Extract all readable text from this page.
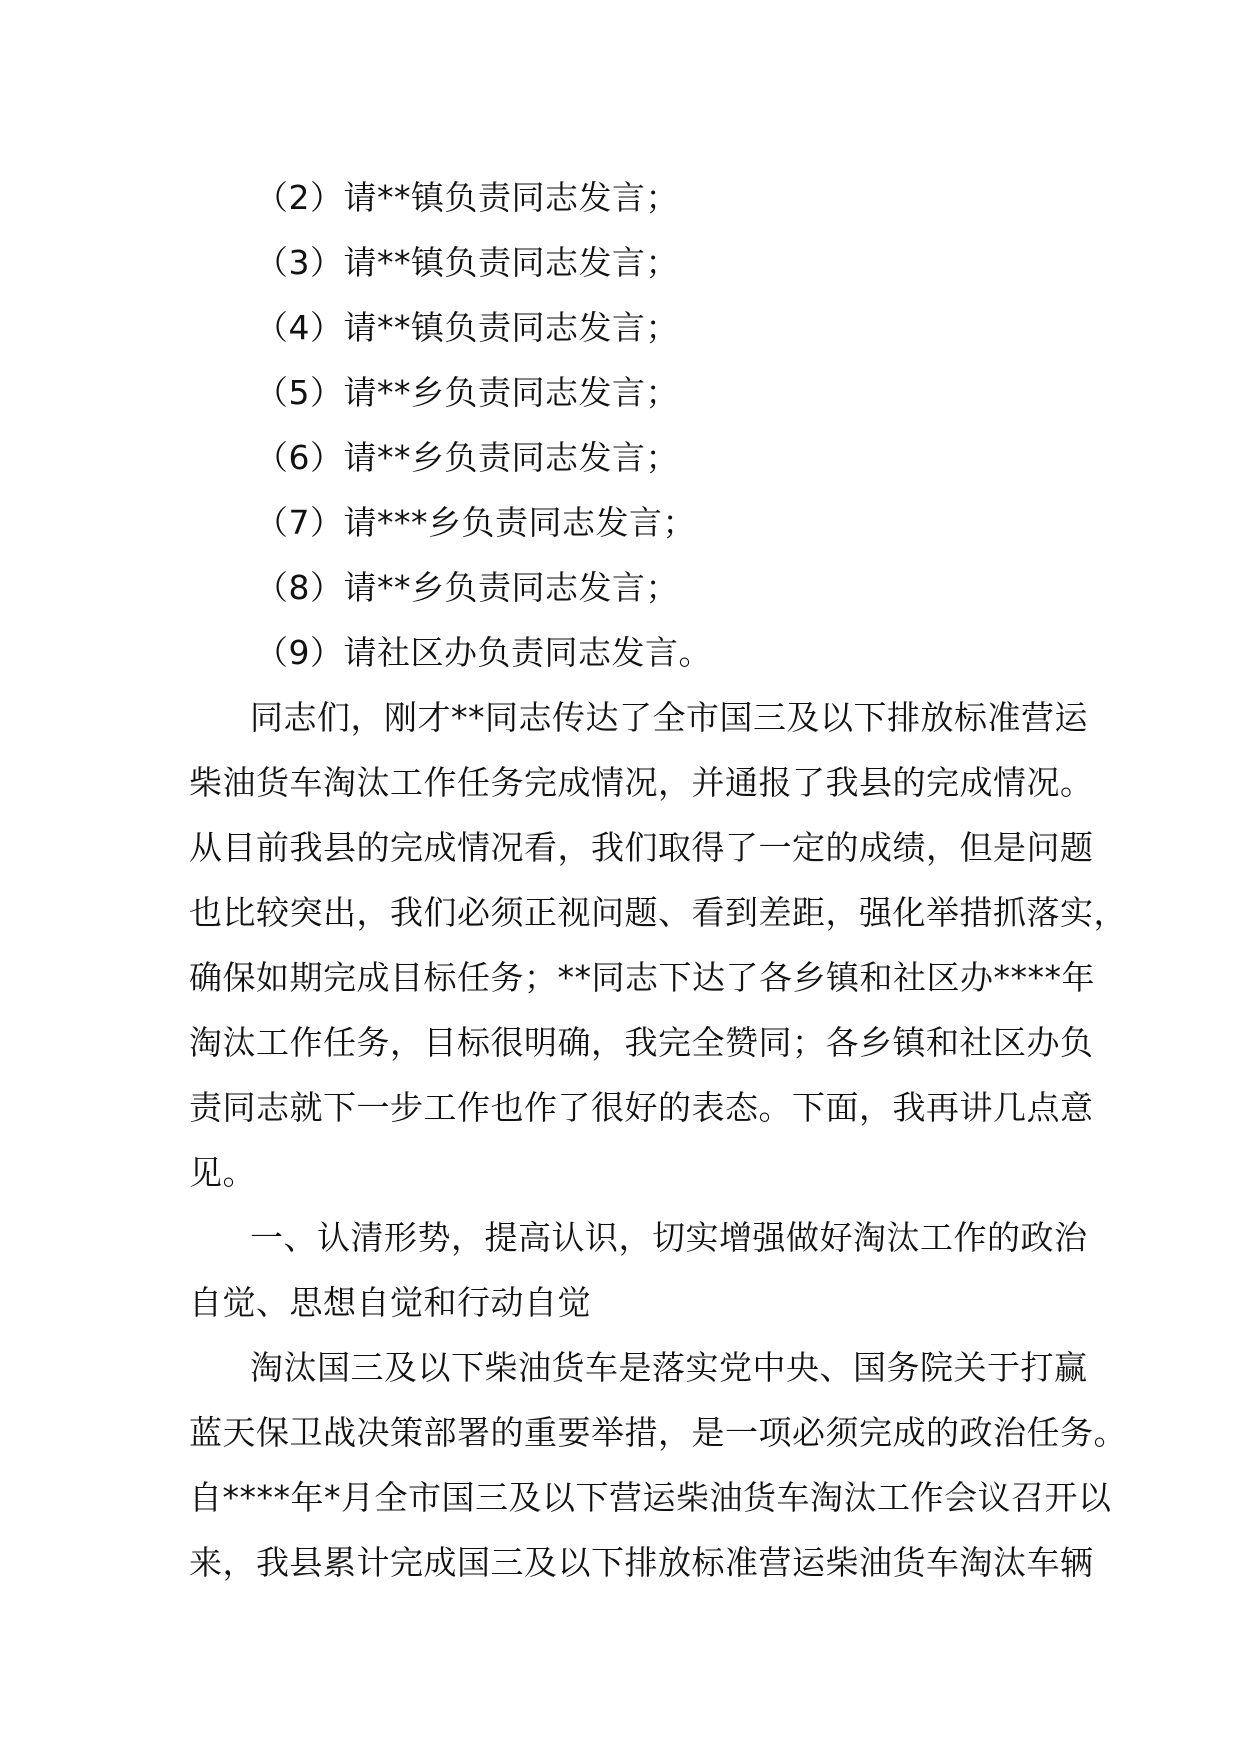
（2）请**镇负责同志发言；
（3）请**镇负责同志发言；
（4）请**镇负责同志发言；
（5）请**乡负责同志发言；
（6）请**乡负责同志发言；
（7）请***乡负责同志发言；
（8）请**乡负责同志发言；
（9）请社区办负责同志发言。
同志们，刚才**同志传达了全市国三及以下排放标准营运
柴油货车淘汰工作任务完成情况，并通报了我县的完成情况。
从目前我县的完成情况看，我们取得了一定的成绩，但是问题
也比较突出，我们必须正视问题、看到差距，强化举措抓落实，
确保如期完成目标任务；**同志下达了各乡镇和社区办****年
淘汰工作任务，目标很明确，我完全赞同；各乡镇和社区办负
责同志就下一步工作也作了很好的表态。下面，我再讲几点意
见。
一、认清形势，提高认识，切实增强做好淘汰工作的政治
自觉、思想自觉和行动自觉
淘汰国三及以下柴油货车是落实党中央、国务院关于打赢
蓝天保卫战决策部署的重要举措，是一项必须完成的政治任务。
自****年*月全市国三及以下营运柴油货车淘汰工作会议召开以
来，我县累计完成国三及以下排放标准营运柴油货车淘汰车辆
